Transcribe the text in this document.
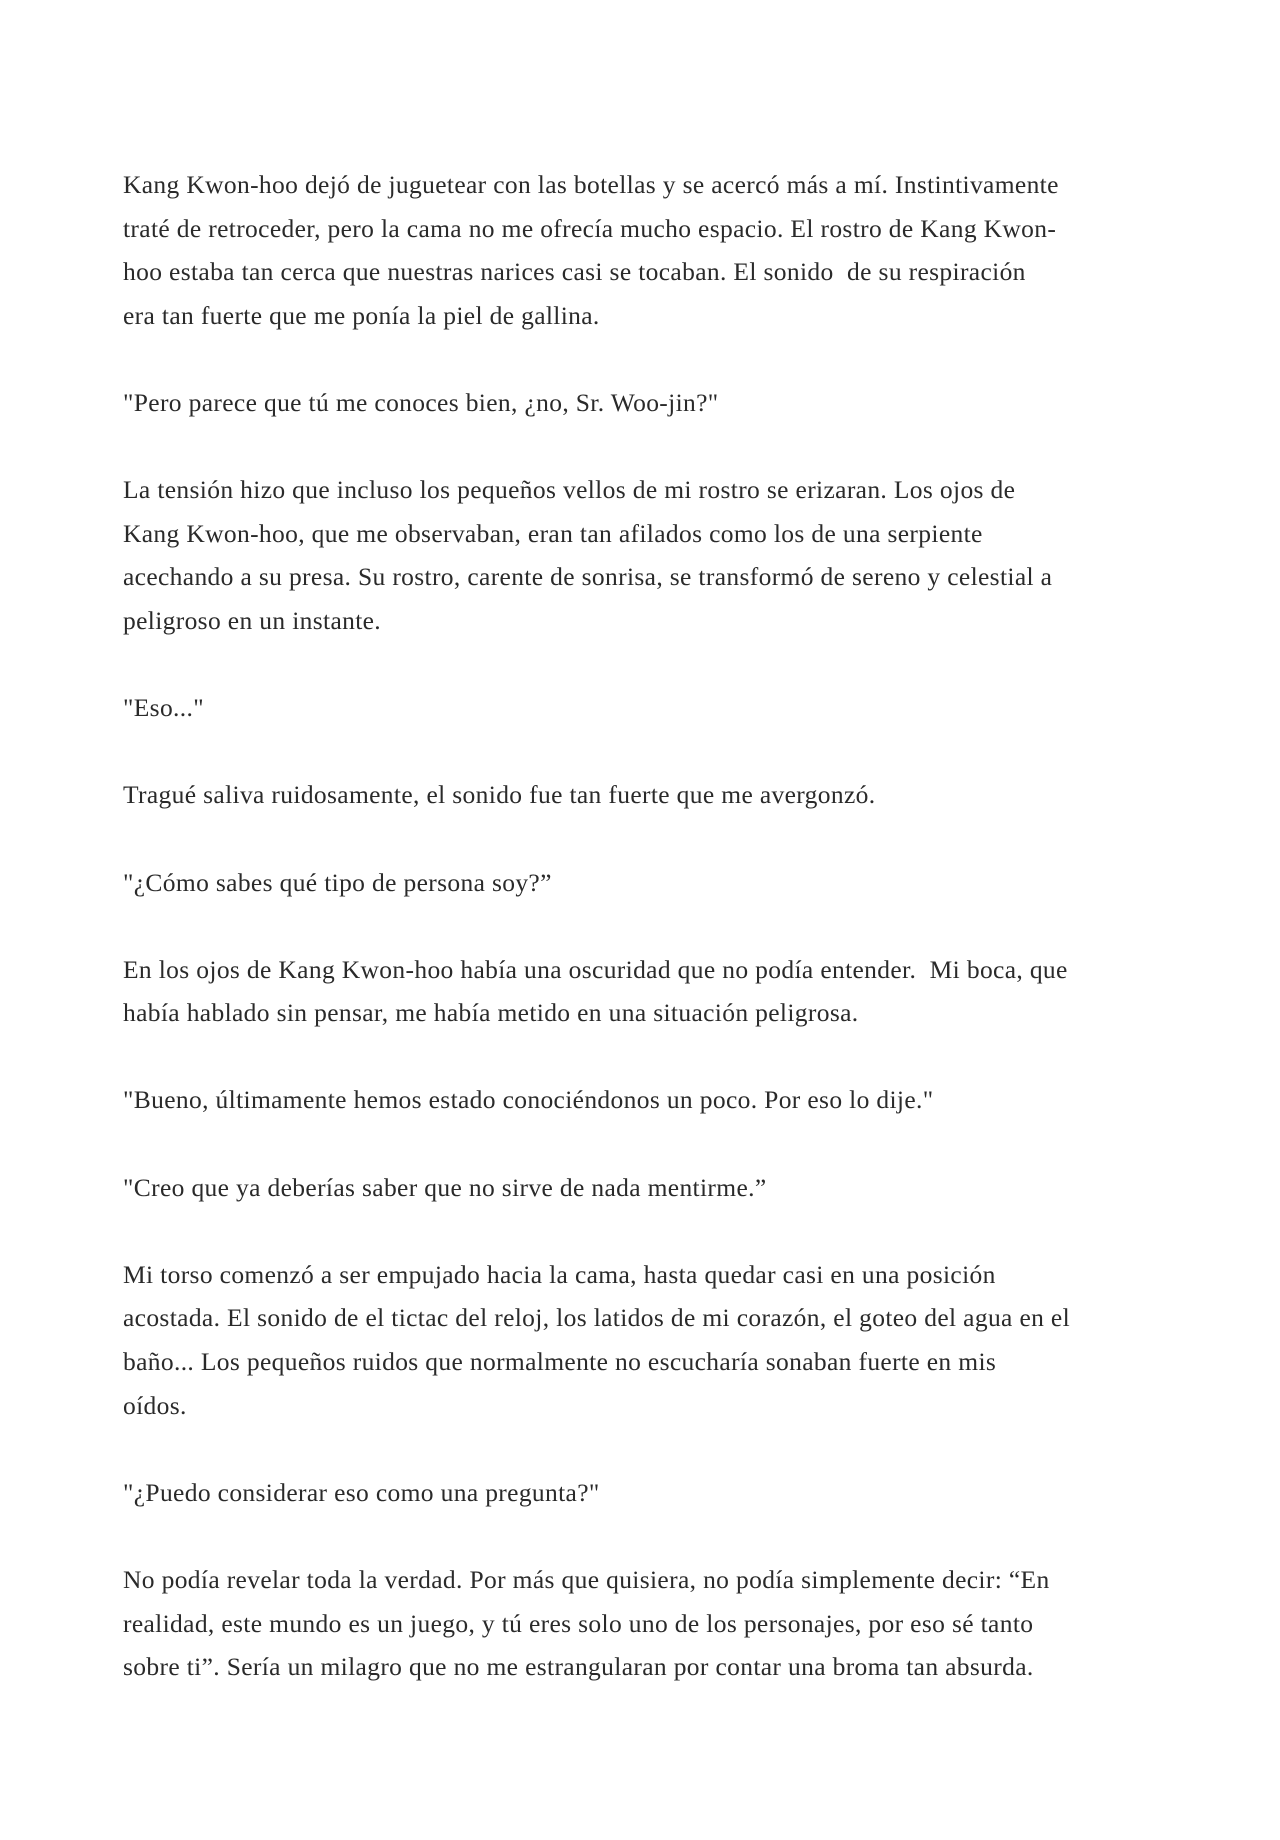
Kang Kwon-hoo dejó de juguetear con las botellas y se acercó más a mí. Instintivamente
traté de retroceder, pero la cama no me ofrecía mucho espacio. El rostro de Kang Kwon-
hoo estaba tan cerca que nuestras narices casi se tocaban. El sonido  de su respiración
era tan fuerte que me ponía la piel de gallina.

"Pero parece que tú me conoces bien, ¿no, Sr. Woo-jin?"

La tensión hizo que incluso los pequeños vellos de mi rostro se erizaran. Los ojos de
Kang Kwon-hoo, que me observaban, eran tan afilados como los de una serpiente
acechando a su presa. Su rostro, carente de sonrisa, se transformó de sereno y celestial a
peligroso en un instante.

"Eso..."

Tragué saliva ruidosamente, el sonido fue tan fuerte que me avergonzó.

"¿Cómo sabes qué tipo de persona soy?”

En los ojos de Kang Kwon-hoo había una oscuridad que no podía entender.  Mi boca, que
había hablado sin pensar, me había metido en una situación peligrosa.

"Bueno, últimamente hemos estado conociéndonos un poco. Por eso lo dije."

"Creo que ya deberías saber que no sirve de nada mentirme.”

Mi torso comenzó a ser empujado hacia la cama, hasta quedar casi en una posición
acostada. El sonido de el tictac del reloj, los latidos de mi corazón, el goteo del agua en el
baño... Los pequeños ruidos que normalmente no escucharía sonaban fuerte en mis
oídos.

"¿Puedo considerar eso como una pregunta?"

No podía revelar toda la verdad. Por más que quisiera, no podía simplemente decir: “En
realidad, este mundo es un juego, y tú eres solo uno de los personajes, por eso sé tanto
sobre ti”. Sería un milagro que no me estrangularan por contar una broma tan absurda.
